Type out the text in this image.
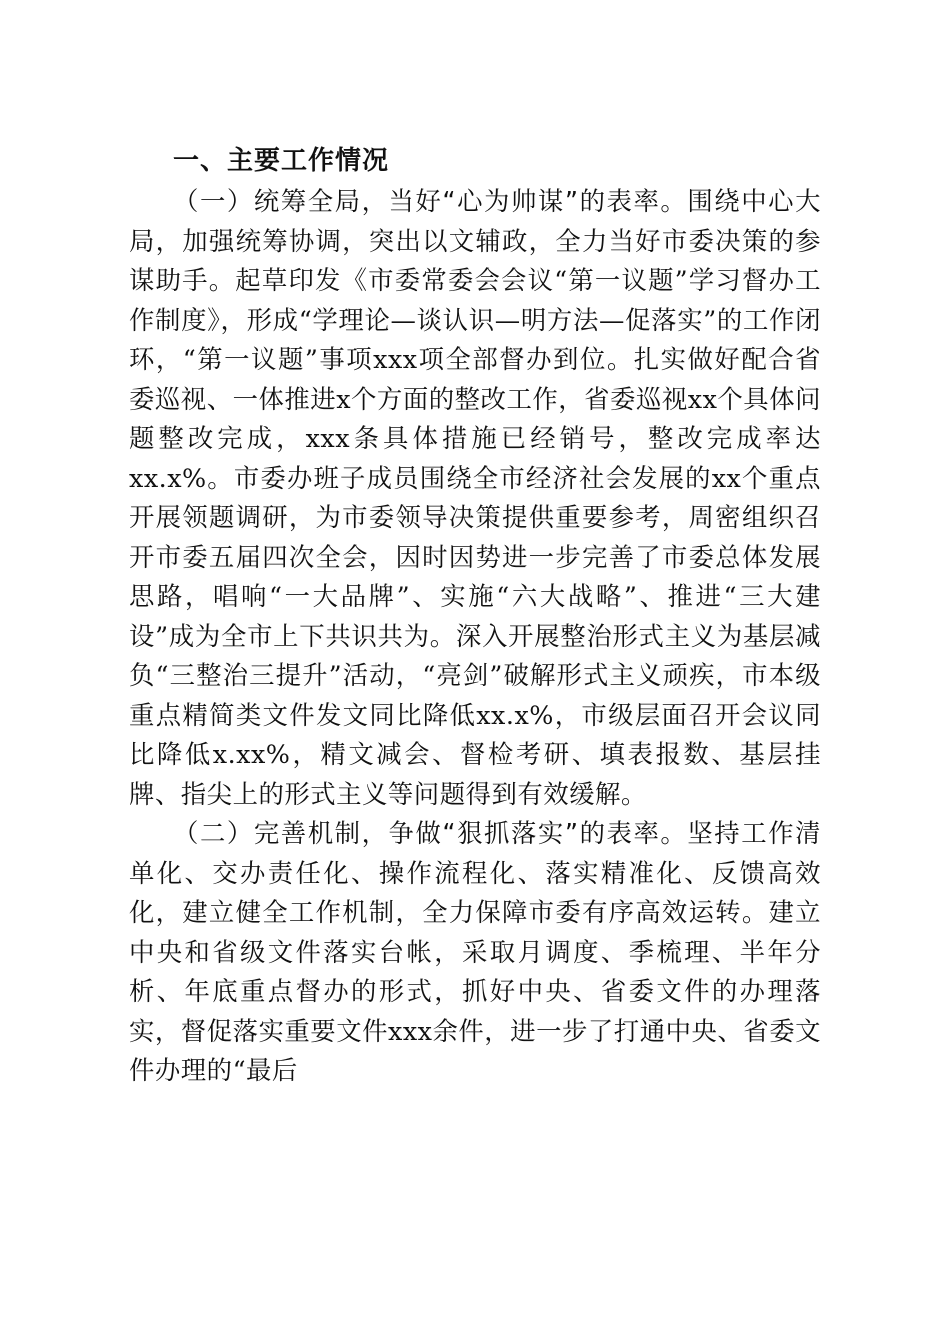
一、主要工作情况

（一）统筹全局，当好“心为帅谋”的表率。围绕中心大局，加强统筹协调，突出以文辅政，全力当好市委决策的参谋助手。起草印发《市委常委会会议“第一议题”学习督办工作制度》，形成“学理论—谈认识—明方法—促落实”的工作闭环，“第一议题”事项xxx项全部督办到位。扎实做好配合省委巡视、一体推进x个方面的整改工作，省委巡视xx个具体问题整改完成，xxx条具体措施已经销号，整改完成率达xx.x%。市委办班子成员围绕全市经济社会发展的xx个重点开展领题调研，为市委领导决策提供重要参考，周密组织召开市委五届四次全会，因时因势进一步完善了市委总体发展思路，唱响“一大品牌”、实施“六大战略”、推进“三大建设”成为全市上下共识共为。深入开展整治形式主义为基层减负“三整治三提升”活动，“亮剑”破解形式主义顽疾，市本级重点精简类文件发文同比降低xx.x%，市级层面召开会议同比降低x.xx%，精文减会、督检考研、填表报数、基层挂牌、指尖上的形式主义等问题得到有效缓解。

（二）完善机制，争做“狠抓落实”的表率。坚持工作清单化、交办责任化、操作流程化、落实精准化、反馈高效化，建立健全工作机制，全力保障市委有序高效运转。建立中央和省级文件落实台帐，采取月调度、季梳理、半年分析、年底重点督办的形式，抓好中央、省委文件的办理落实，督促落实重要文件xxx余件，进一步了打通中央、省委文件办理的“最后
